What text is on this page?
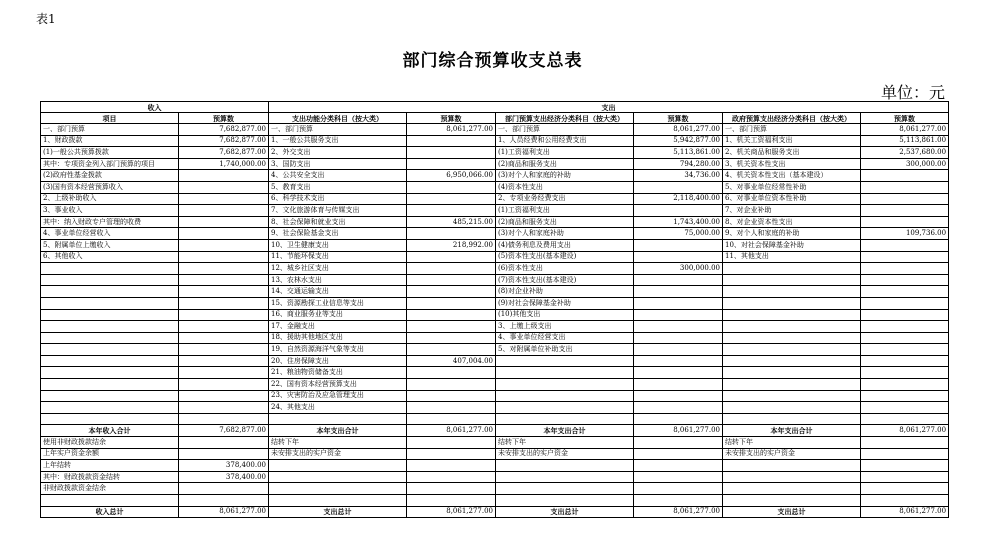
表1
部门综合预算收支总表
单位：元
收入		支出					
项目	预算数	支出功能分类科目（按大类）	预算数	部门预算支出经济分类科目（按大类）	预算数	政府预算支出经济分类科目（按大类）	预算数
一、部门预算	7,682,877.00	一、部门预算	8,061,277.00	一、部门预算	8,061,277.00	一、部门预算	8,061,277.00
1、财政拨款	7,682,877.00	1、一般公共服务支出		1、人员经费和公用经费支出	5,942,877.00	1、机关工资福利支出	5,113,861.00
(1)一般公共预算拨款	7,682,877.00	2、外交支出		(1)工资福利支出	5,113,861.00	2、机关商品和服务支出	2,537,680.00
其中：专项资金列入部门预算的项目	1,740,000.00	3、国防支出		(2)商品和服务支出	794,280.00	3、机关资本性支出	300,000.00
(2)政府性基金拨款		4、公共安全支出	6,950,066.00	(3)对个人和家庭的补助	34,736.00	4、机关资本性支出（基本建设）	
(3)国有资本经营预算收入		5、教育支出		(4)资本性支出		5、对事业单位经常性补助	
2、上级补助收入		6、科学技术支出		2、专项业务经费支出	2,118,400.00	6、对事业单位资本性补助	
3、事业收入		7、文化旅游体育与传媒支出		(1)工资福利支出		7、对企业补助	
其中：纳入财政专户管理的收费		8、社会保障和就业支出	485,215.00	(2)商品和服务支出	1,743,400.00	8、对企业资本性支出	
4、事业单位经营收入		9、社会保险基金支出		(3)对个人和家庭补助	75,000.00	9、对个人和家庭的补助	109,736.00
5、附属单位上缴收入		10、卫生健康支出	218,992.00	(4)债务利息及费用支出		10、对社会保障基金补助	
6、其他收入		11、节能环保支出		(5)资本性支出(基本建设)		11、其他支出	
		12、城乡社区支出		(6)资本性支出	300,000.00		
		13、农林水支出		(7)资本性支出(基本建设)			
		14、交通运输支出		(8)对企业补助			
		15、资源勘探工业信息等支出		(9)对社会保障基金补助			
		16、商业服务业等支出		(10)其他支出			
		17、金融支出		3、上缴上级支出			
		18、援助其他地区支出		4、事业单位经营支出			
		19、自然资源海洋气象等支出		5、对附属单位补助支出			
		20、住房保障支出	407,004.00				
		21、粮油物资储备支出					
		22、国有资本经营预算支出					
		23、灾害防治及应急管理支出					
		24、其他支出					

本年收入合计	7,682,877.00	本年支出合计	8,061,277.00	本年支出合计	8,061,277.00	本年支出合计	8,061,277.00
使用非财政拨款结余		结转下年		结转下年		结转下年	
上年实户资金余额		未安排支出的实户资金		未安排支出的实户资金		未安排支出的实户资金	
上年结转	378,400.00						
其中：财政拨款资金结转	378,400.00						
非财政拨款资金结余							

收入总计	8,061,277.00	支出总计	8,061,277.00	支出总计	8,061,277.00	支出总计	8,061,277.00
